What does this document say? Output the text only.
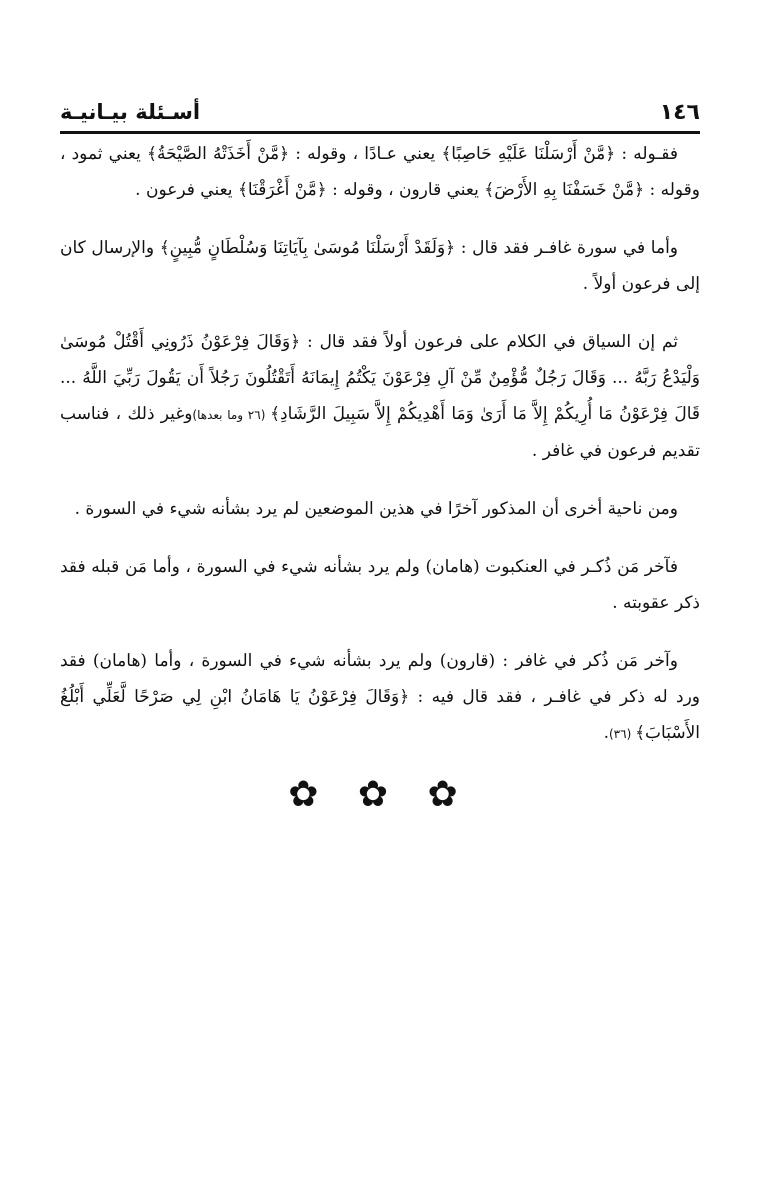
١٤٦
أسـئلة بيـانيـة

فقـوله : ﴿مَّنْ أَرْسَلْنَا عَلَيْهِ حَاصِبًا﴾ يعني عـادًا ، وقوله : ﴿مَّنْ أَخَذَتْهُ الصَّيْحَةُ﴾ يعني ثمود ، وقوله : ﴿مَّنْ خَسَفْنَا بِهِ الأَرْضَ﴾ يعني قارون ، وقوله : ﴿مَّنْ أَغْرَقْنَا﴾ يعني فرعون .

وأما في سورة غافـر فقد قال : ﴿وَلَقَدْ أَرْسَلْنَا مُوسَىٰ بِآيَاتِنَا وَسُلْطَانٍ مُّبِينٍ﴾ والإرسال كان إلى فرعون أولاً .

ثم إن السياق في الكلام على فرعون أولاً فقد قال : ﴿وَقَالَ فِرْعَوْنُ ذَرُونِي أَقْتُلْ مُوسَىٰ وَلْيَدْعُ رَبَّهُ ... وَقَالَ رَجُلٌ مُّؤْمِنٌ مِّنْ آلِ فِرْعَوْنَ يَكْتُمُ إِيمَانَهُ أَتَقْتُلُونَ رَجُلاً أَن يَقُولَ رَبِّيَ اللَّهُ ... قَالَ فِرْعَوْنُ مَا أُرِيكُمْ إِلاَّ مَا أَرَىٰ وَمَا أَهْدِيكُمْ إِلاَّ سَبِيلَ الرَّشَادِ﴾ (٢٦ وما بعدها)وغير ذلك ، فناسب تقديم فرعون في غافر .

ومن ناحية أخرى أن المذكور آخرًا في هذين الموضعين لم يرد بشأنه شيء في السورة .

فآخر مَن ذُكـر في العنكبوت (هامان) ولم يرد بشأنه شيء في السورة ، وأما مَن قبله فقد ذكر عقوبته .

وآخر مَن ذُكر في غافر : (قارون) ولم يرد بشأنه شيء في السورة ، وأما (هامان) فقد ورد له ذكر في غافـر ، فقد قال فيه : ﴿وَقَالَ فِرْعَوْنُ يَا هَامَانُ ابْنِ لِي صَرْحًا لَّعَلِّي أَبْلُغُ الأَسْبَابَ﴾ (٣٦).

✿ ✿ ✿
